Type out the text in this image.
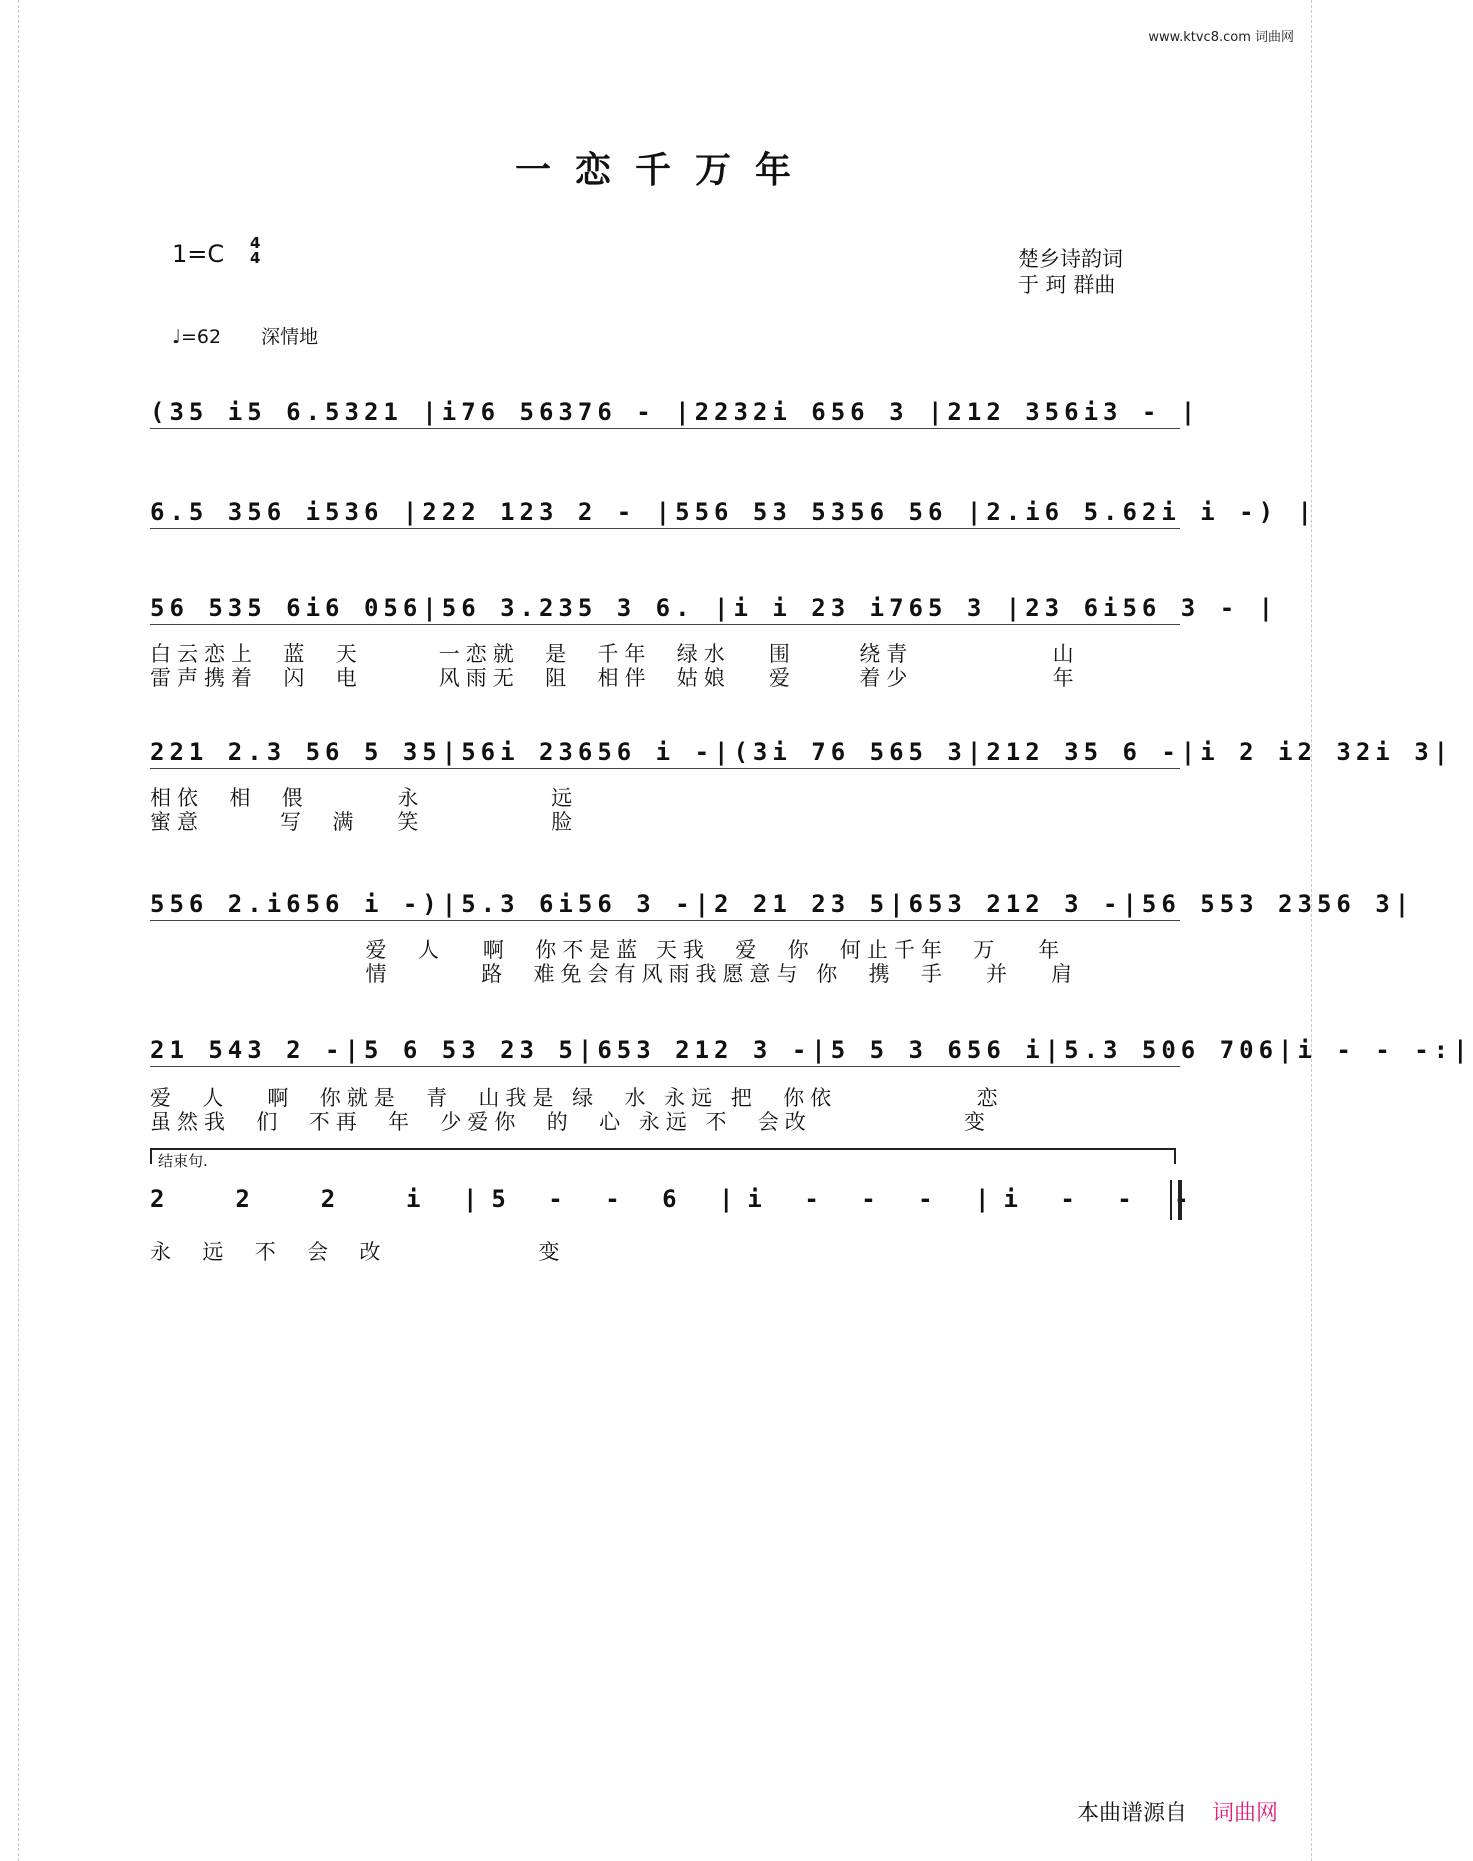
www.ktvc8.com 词曲网
一恋千万年
1=C 4
4	楚乡诗韵词
于 珂 群曲
♩=62 深情地
(35 i5 6.5321 |i76 56376 - |2232i 656 3 |212 356i3 - |
6.5 356 i536 |222 123 2 - |556 53 5356 56 |2.i6 5.62i i -) |
56 535 6i6 056|56 3.235 3 6. |i i 23 i765 3 |23 6i56 3 - |
白云恋上  蓝  天      一恋就  是  千年  绿水   围     绕青           山
雷声携着  闪  电      风雨无  阻  相伴  姑娘   爱     着少           年
221 2.3 56 5 35|56i 23656 i -|(3i 76 565 3|212 35 6 -|i 2 i2 32i 3|
相依  相  偎       永          远
蜜意      写  满   笑          脸
556 2.i656 i -)|5.3 6i56 3 -|2 21 23 5|653 212 3 -|56 553 2356 3|
爱  人   啊  你不是蓝 天我  爱  你  何止千年  万   年
情       路  难免会有风雨我愿意与 你  携  手   并   肩
21 543 2 -|5 6 53 23 5|653 212 3 -|5 5 3 656 i|5.3 506 706|i - - -:|
爱  人   啊  你就是  青  山我是 绿  水 永远 把  你依           恋
虽然我  们  不再  年  少爱你  的  心 永远 不  会改            变
结束句.
2  2  2  i |5 - - 6 |i - - - |i - - -
永  远  不  会  改            变
本曲谱源自 词曲网
